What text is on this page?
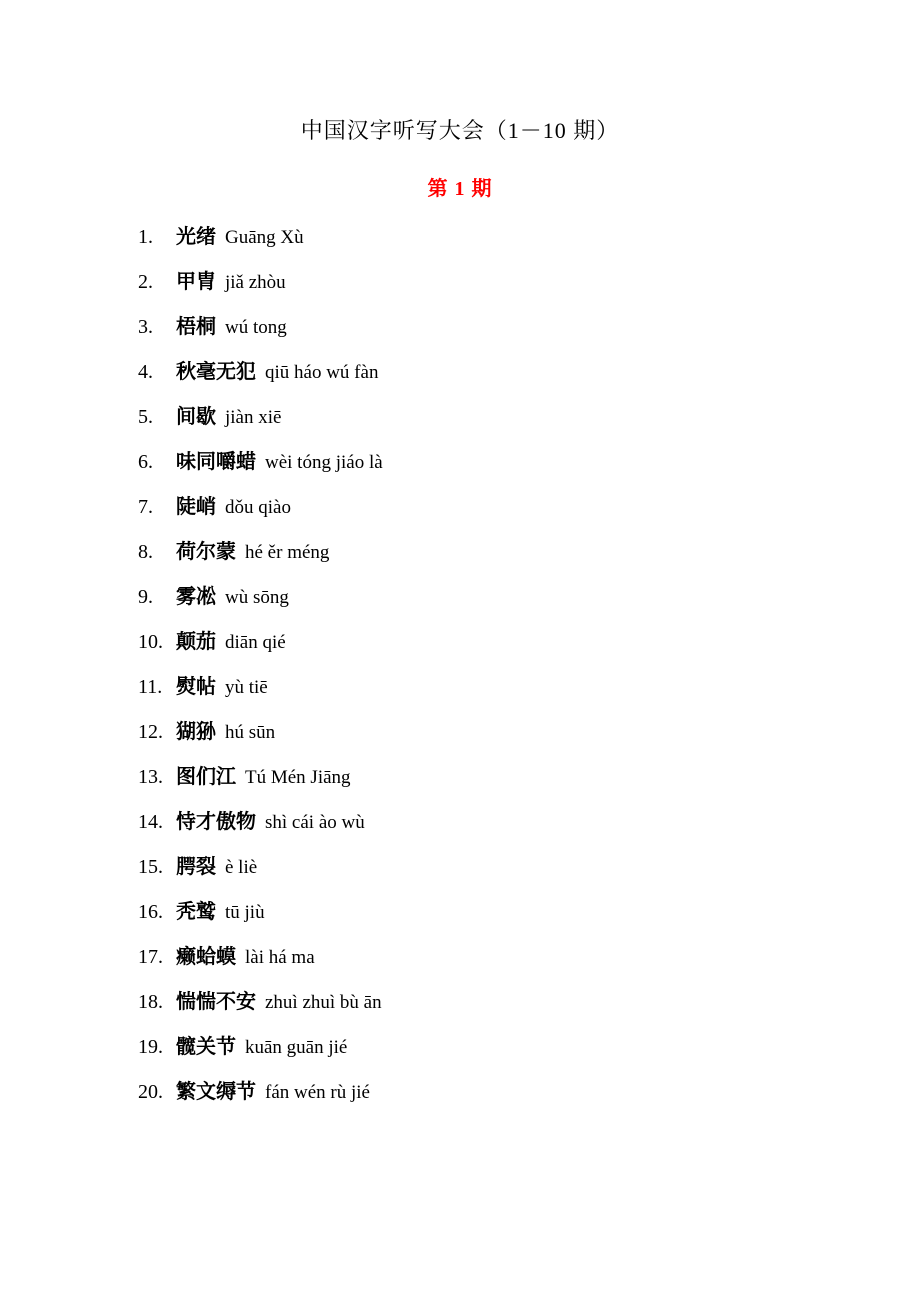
中国汉字听写大会（1－10 期）
第 1 期
1.	光绪 Guāng Xù
2.	甲胄 jiǎ zhòu
3.	梧桐 wú tong
4.	秋毫无犯 qiū háo wú fàn
5.	间歇 jiàn xiē
6.	味同嚼蜡 wèi tóng jiáo là
7.	陡峭 dǒu qiào
8.	荷尔蒙 hé ěr méng
9.	雾凇 wù sōng
10. 颠茄 diān qié
11. 熨帖 yù tiē
12. 猢狲 hú sūn
13. 图们江 Tú Mén Jiāng
14. 恃才傲物 shì cái ào wù
15. 腭裂 è liè
16. 秃鹫 tū jiù
17. 癞蛤蟆 lài há ma
18. 惴惴不安 zhuì zhuì bù ān
19. 髋关节 kuān guān jié
20. 繁文缛节 fán wén rù jié
